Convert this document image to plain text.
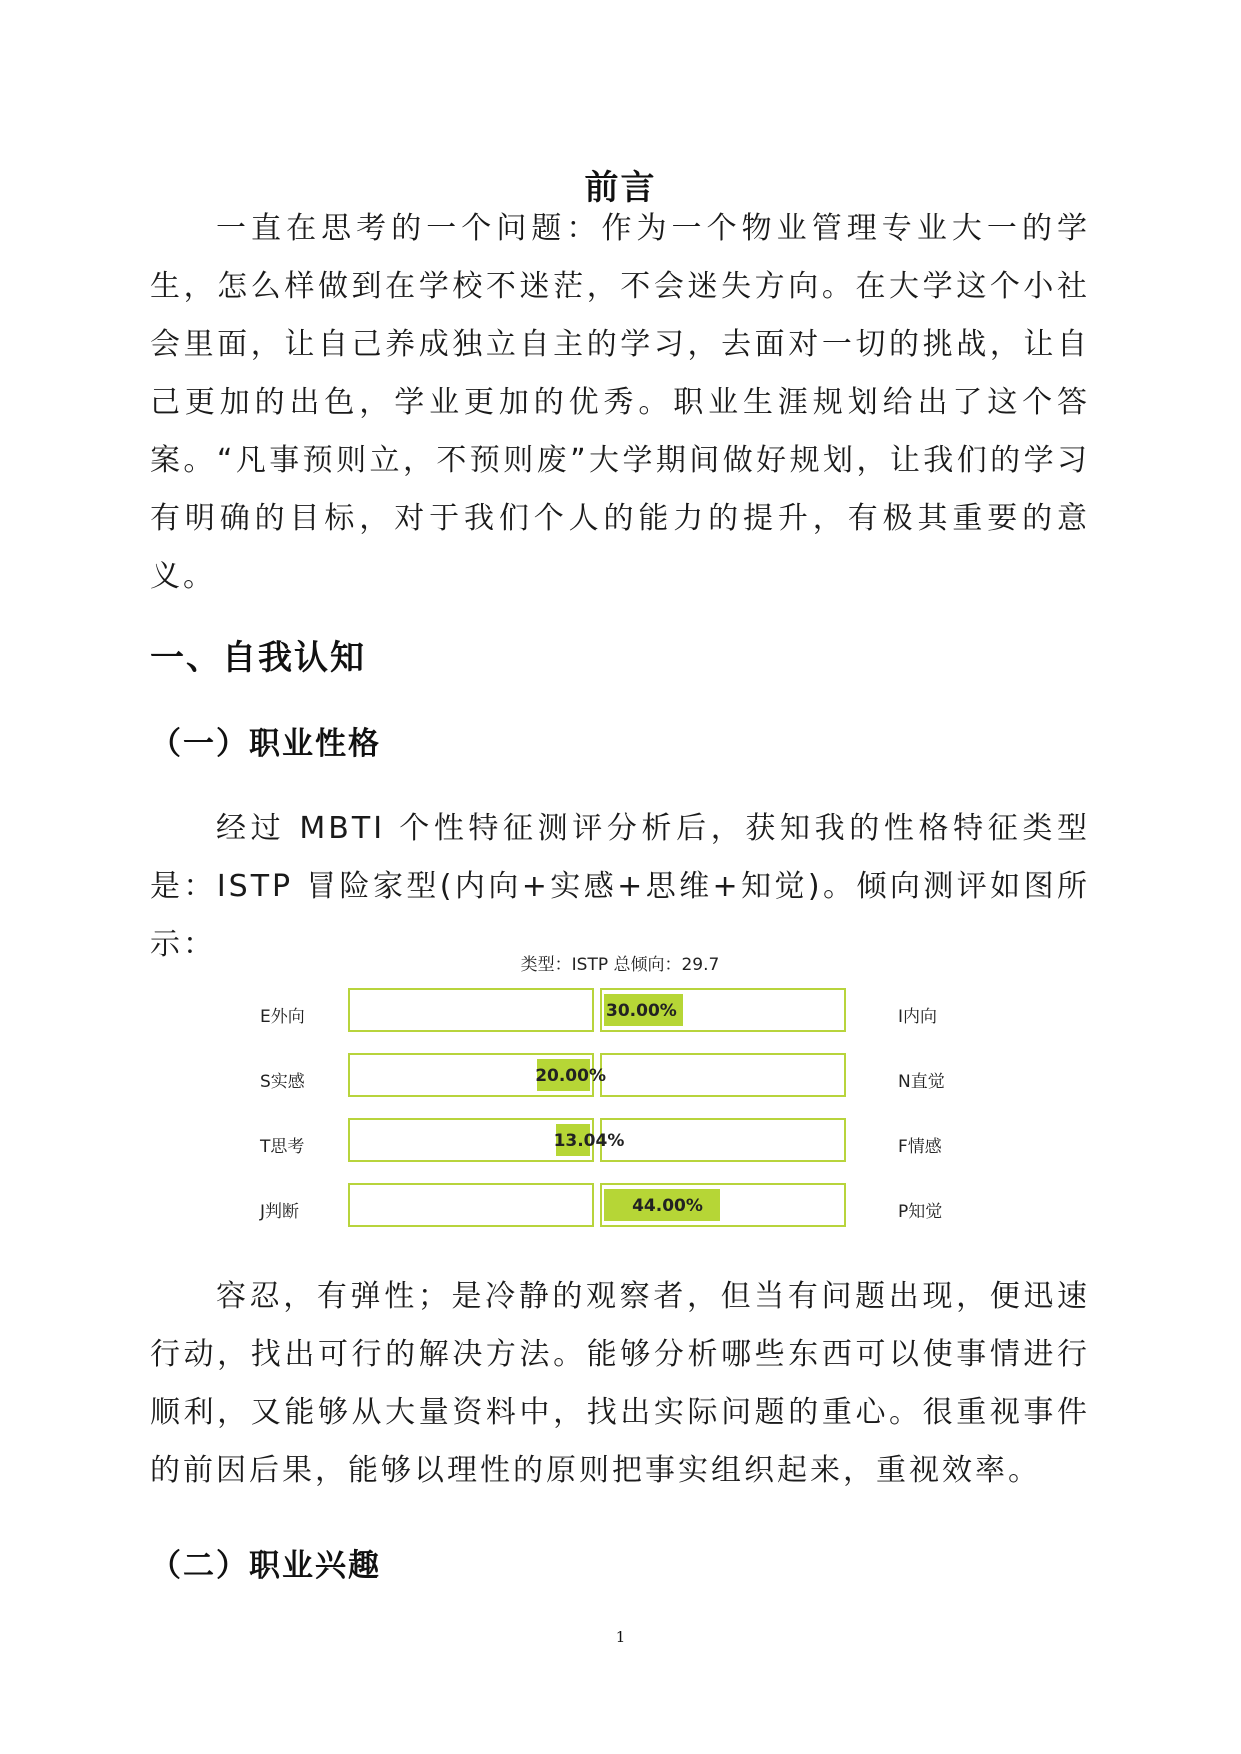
前言

一直在思考的一个问题：作为一个物业管理专业大一的学生，怎么样做到在学校不迷茫，不会迷失方向。在大学这个小社会里面，让自己养成独立自主的学习，去面对一切的挑战，让自己更加的出色，学业更加的优秀。职业生涯规划给出了这个答案。“凡事预则立，不预则废”大学期间做好规划，让我们的学习有明确的目标，对于我们个人的能力的提升，有极其重要的意义。

一、自我认知
（一）职业性格

经过 MBTI 个性特征测评分析后，获知我的性格特征类型是：ISTP 冒险家型(内向+实感+思维+知觉)。倾向测评如图所示：

类型：ISTP 总倾向：29.7
E外向	30.00%	I内向
S实感	20.00%	N直觉
T思考	13.04%	F情感
J判断	44.00%	P知觉

容忍，有弹性；是冷静的观察者，但当有问题出现，便迅速行动，找出可行的解决方法。能够分析哪些东西可以使事情进行顺利，又能够从大量资料中，找出实际问题的重心。很重视事件的前因后果，能够以理性的原则把事实组织起来，重视效率。

（二）职业兴趣
1
